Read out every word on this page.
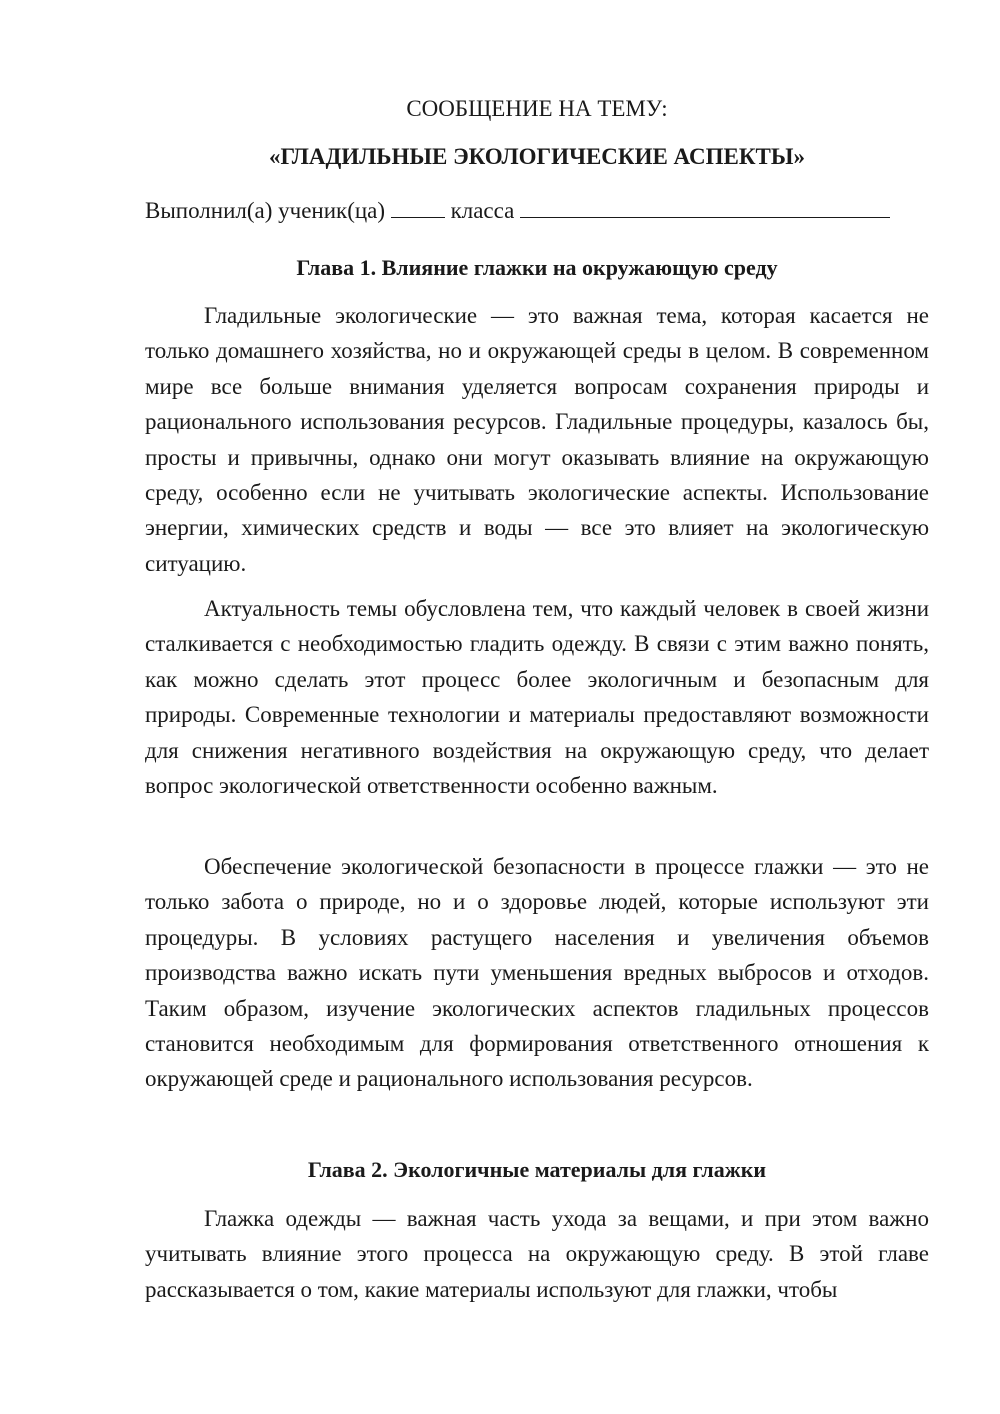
СООБЩЕНИЕ НА ТЕМУ:

«ГЛАДИЛЬНЫЕ ЭКОЛОГИЧЕСКИЕ АСПЕКТЫ»

Выполнил(а) ученик(ца)	класса

Глава 1. Влияние глажки на окружающую среду

Гладильные экологические — это важная тема, которая касается не только домашнего хозяйства, но и окружающей среды в целом. В современном мире все больше внимания уделяется вопросам сохранения природы и рационального использования ресурсов. Гладильные процедуры, казалось бы, просты и привычны, однако они могут оказывать влияние на окружающую среду, особенно если не учитывать экологические аспекты. Использование энергии, химических средств и воды — все это влияет на экологическую ситуацию.

Актуальность темы обусловлена тем, что каждый человек в своей жизни сталкивается с необходимостью гладить одежду. В связи с этим важно понять, как можно сделать этот процесс более экологичным и безопасным для природы. Современные технологии и материалы предоставляют возможности для снижения негативного воздействия на окружающую среду, что делает вопрос экологической ответственности особенно важным.

Обеспечение экологической безопасности в процессе глажки — это не только забота о природе, но и о здоровье людей, которые используют эти процедуры. В условиях растущего населения и увеличения объемов производства важно искать пути уменьшения вредных выбросов и отходов. Таким образом, изучение экологических аспектов гладильных процессов становится необходимым для формирования ответственного отношения к окружающей среде и рационального использования ресурсов.

Глава 2. Экологичные материалы для глажки

Глажка одежды — важная часть ухода за вещами, и при этом важно учитывать влияние этого процесса на окружающую среду. В этой главе рассказывается о том, какие материалы используют для глажки, чтобы
